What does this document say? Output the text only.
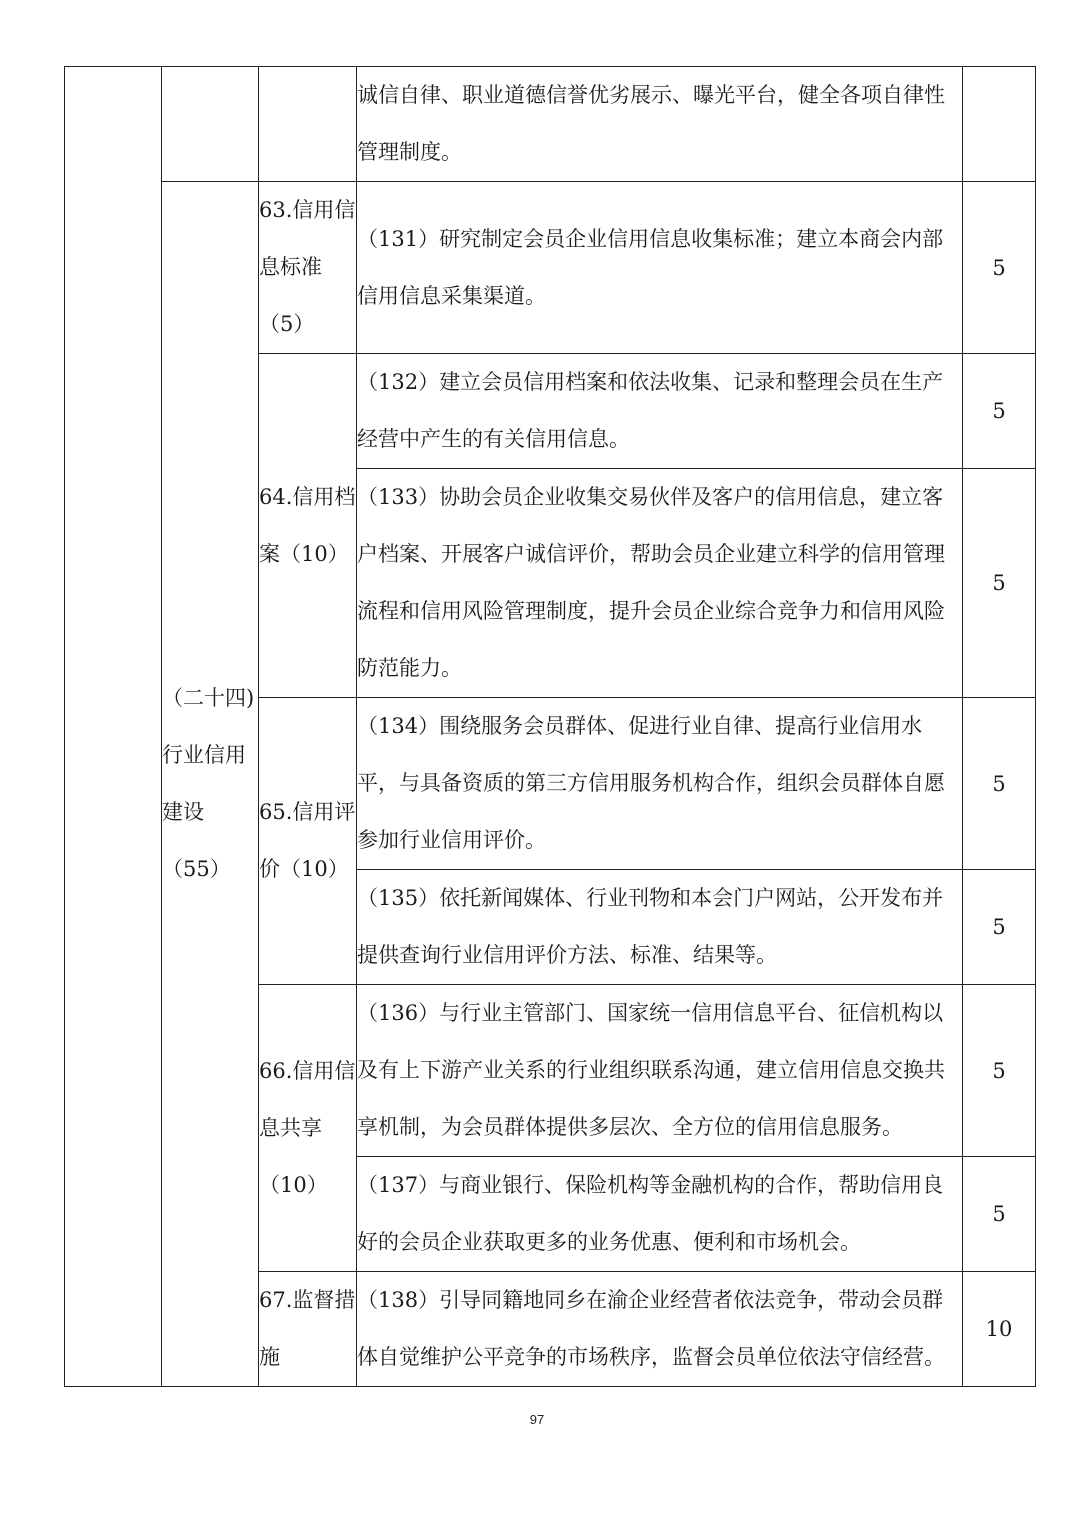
			诚信自律、职业道德信誉优劣展示、曝光平台，健全各项自律性管理制度。	
	（二十四)行业信用建设（55）	63.信用信息标准（5）	（131）研究制定会员企业信用信息收集标准；建立本商会内部信用信息采集渠道。	5
		64.信用档案（10）	（132）建立会员信用档案和依法收集、记录和整理会员在生产经营中产生的有关信用信息。	5
			（133）协助会员企业收集交易伙伴及客户的信用信息，建立客户档案、开展客户诚信评价，帮助会员企业建立科学的信用管理流程和信用风险管理制度，提升会员企业综合竞争力和信用风险防范能力。	5
		65.信用评价（10）	（134）围绕服务会员群体、促进行业自律、提高行业信用水平，与具备资质的第三方信用服务机构合作，组织会员群体自愿参加行业信用评价。	5
			（135）依托新闻媒体、行业刊物和本会门户网站，公开发布并提供查询行业信用评价方法、标准、结果等。	5
		66.信用信息共享（10）	（136）与行业主管部门、国家统一信用信息平台、征信机构以及有上下游产业关系的行业组织联系沟通，建立信用信息交换共享机制，为会员群体提供多层次、全方位的信用信息服务。	5
			（137）与商业银行、保险机构等金融机构的合作，帮助信用良好的会员企业获取更多的业务优惠、便利和市场机会。	5
		67.监督措施	（138）引导同籍地同乡在渝企业经营者依法竞争，带动会员群体自觉维护公平竞争的市场秩序，监督会员单位依法守信经营。	10
97
